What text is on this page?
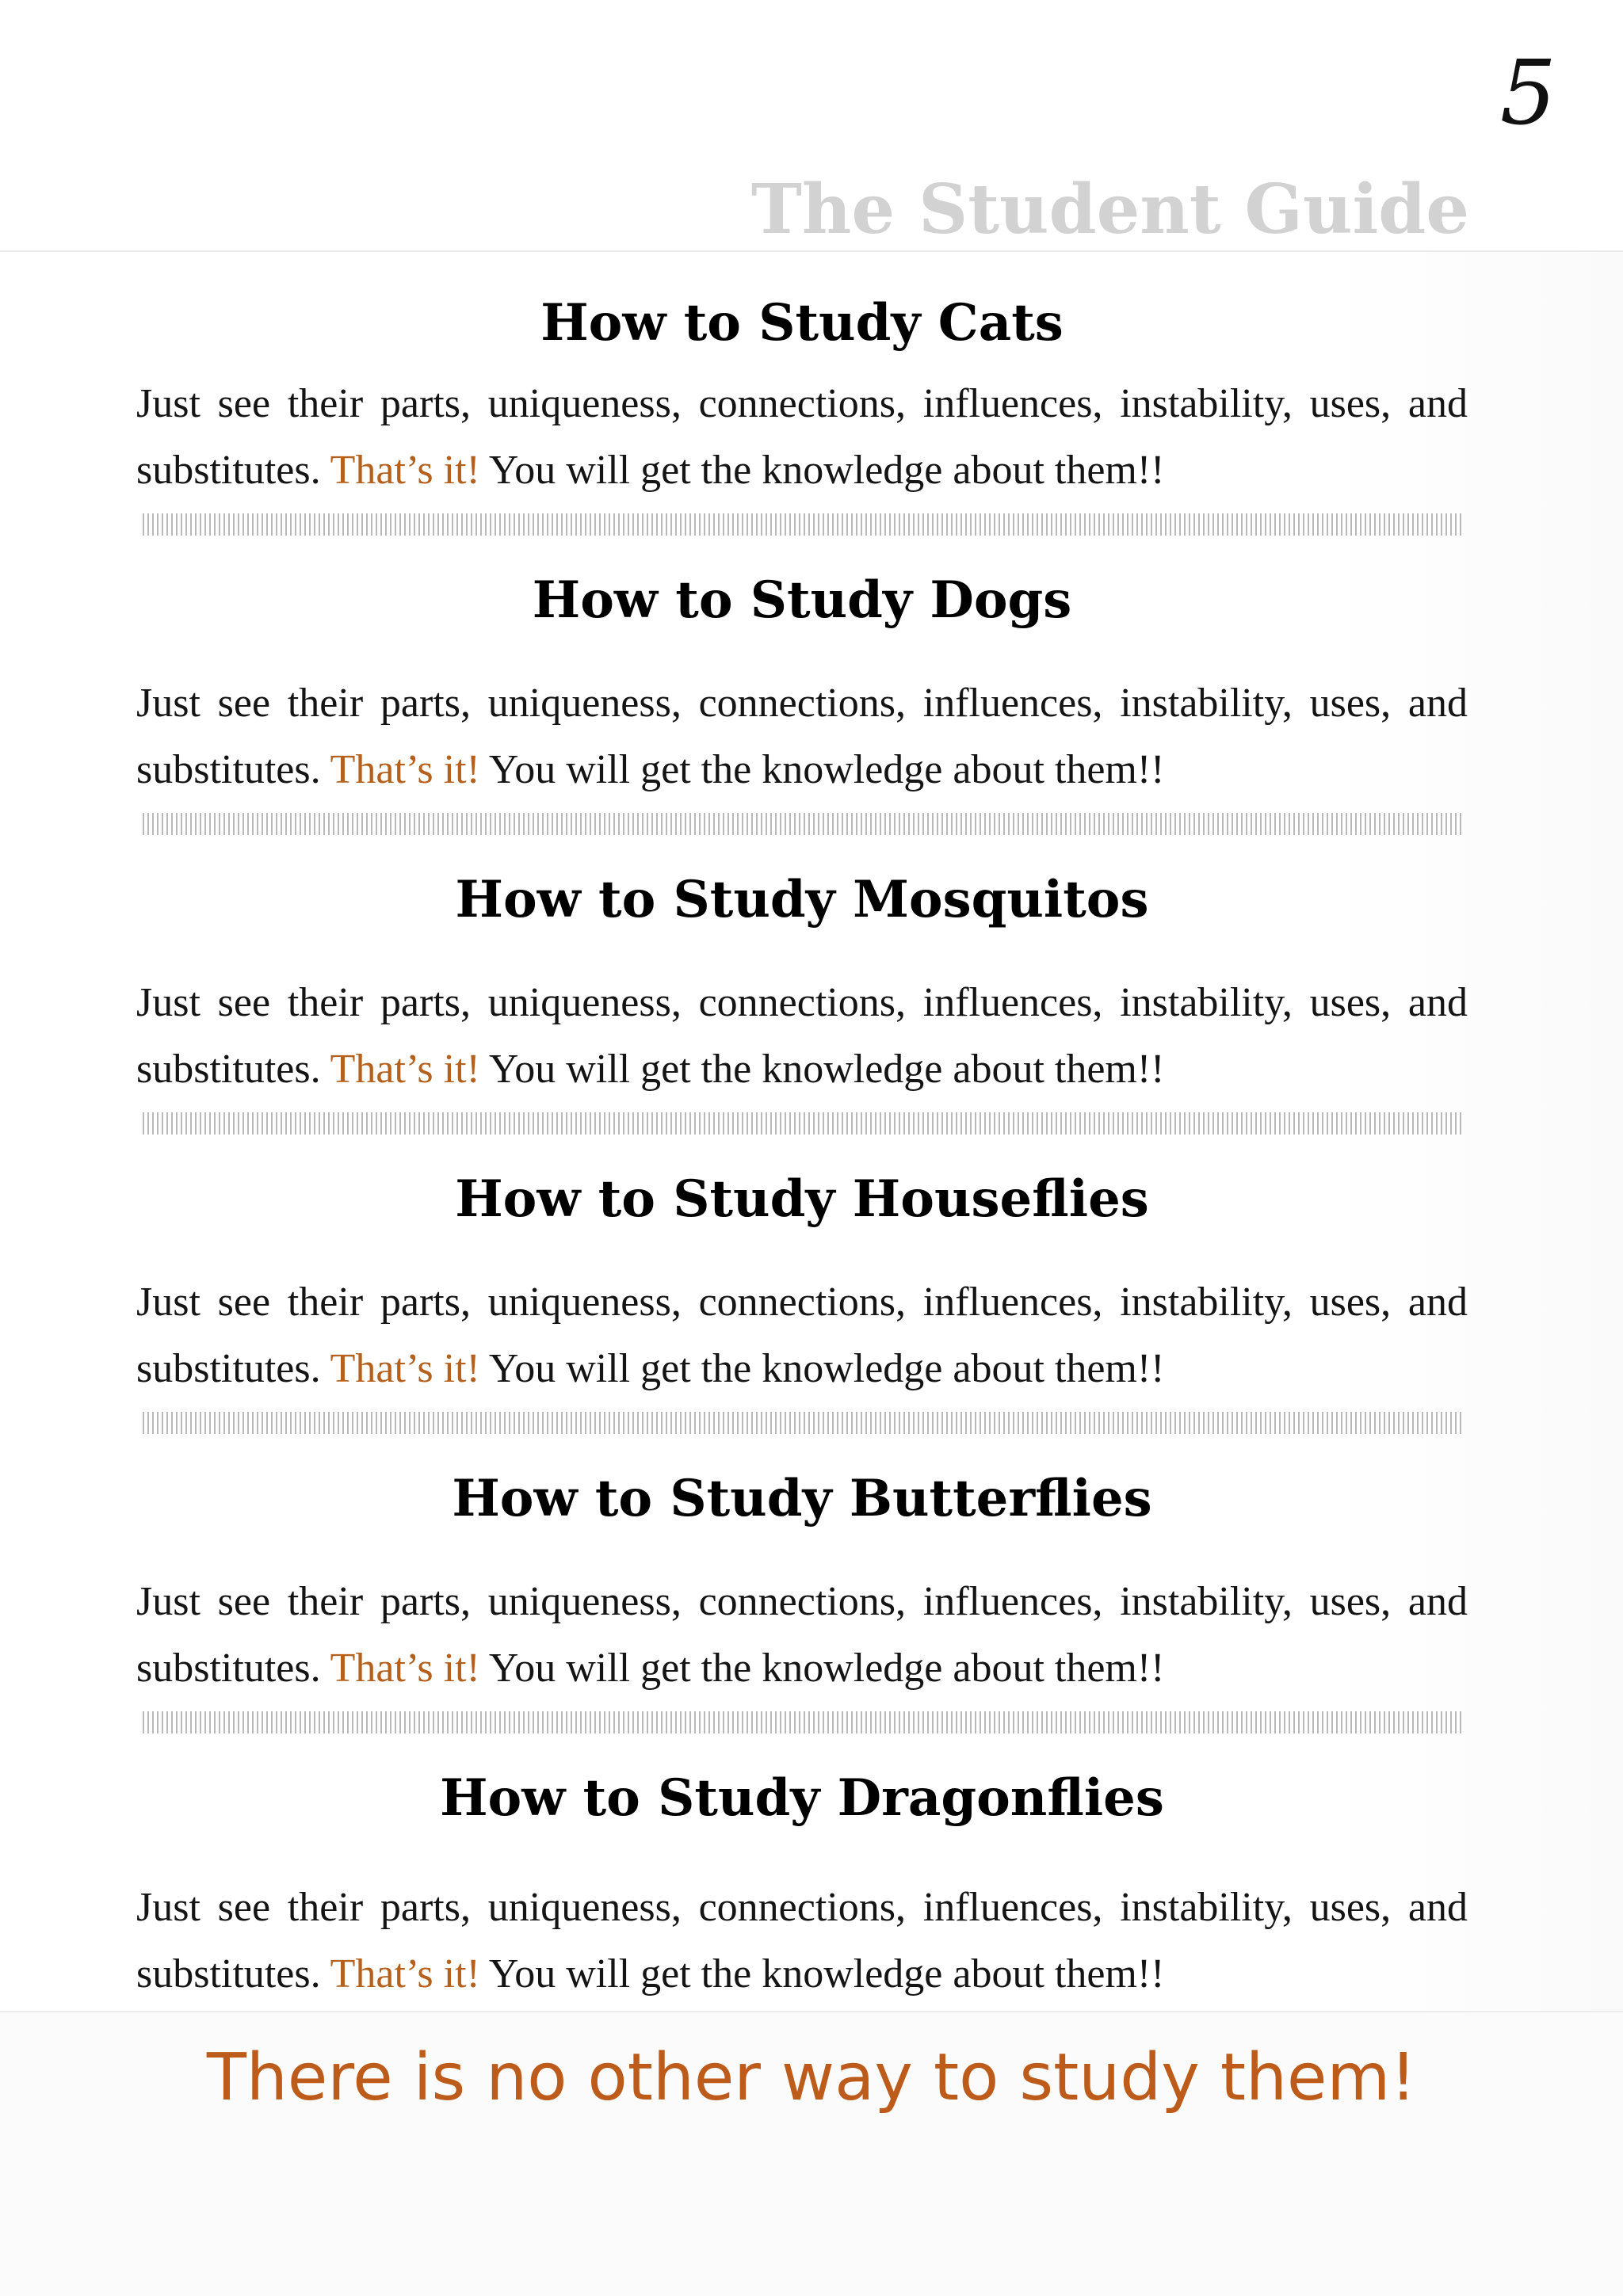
5
The Student Guide
How to Study Cats
Just see their parts, uniqueness, connections, influences, instability, uses, and substitutes. That’s it! You will get the knowledge about them!!
How to Study Dogs
Just see their parts, uniqueness, connections, influences, instability, uses, and substitutes. That’s it! You will get the knowledge about them!!
How to Study Mosquitos
Just see their parts, uniqueness, connections, influences, instability, uses, and substitutes. That’s it! You will get the knowledge about them!!
How to Study Houseflies
Just see their parts, uniqueness, connections, influences, instability, uses, and substitutes. That’s it! You will get the knowledge about them!!
How to Study Butterflies
Just see their parts, uniqueness, connections, influences, instability, uses, and substitutes. That’s it! You will get the knowledge about them!!
How to Study Dragonflies
Just see their parts, uniqueness, connections, influences, instability, uses, and substitutes. That’s it! You will get the knowledge about them!!
There is no other way to study them!
